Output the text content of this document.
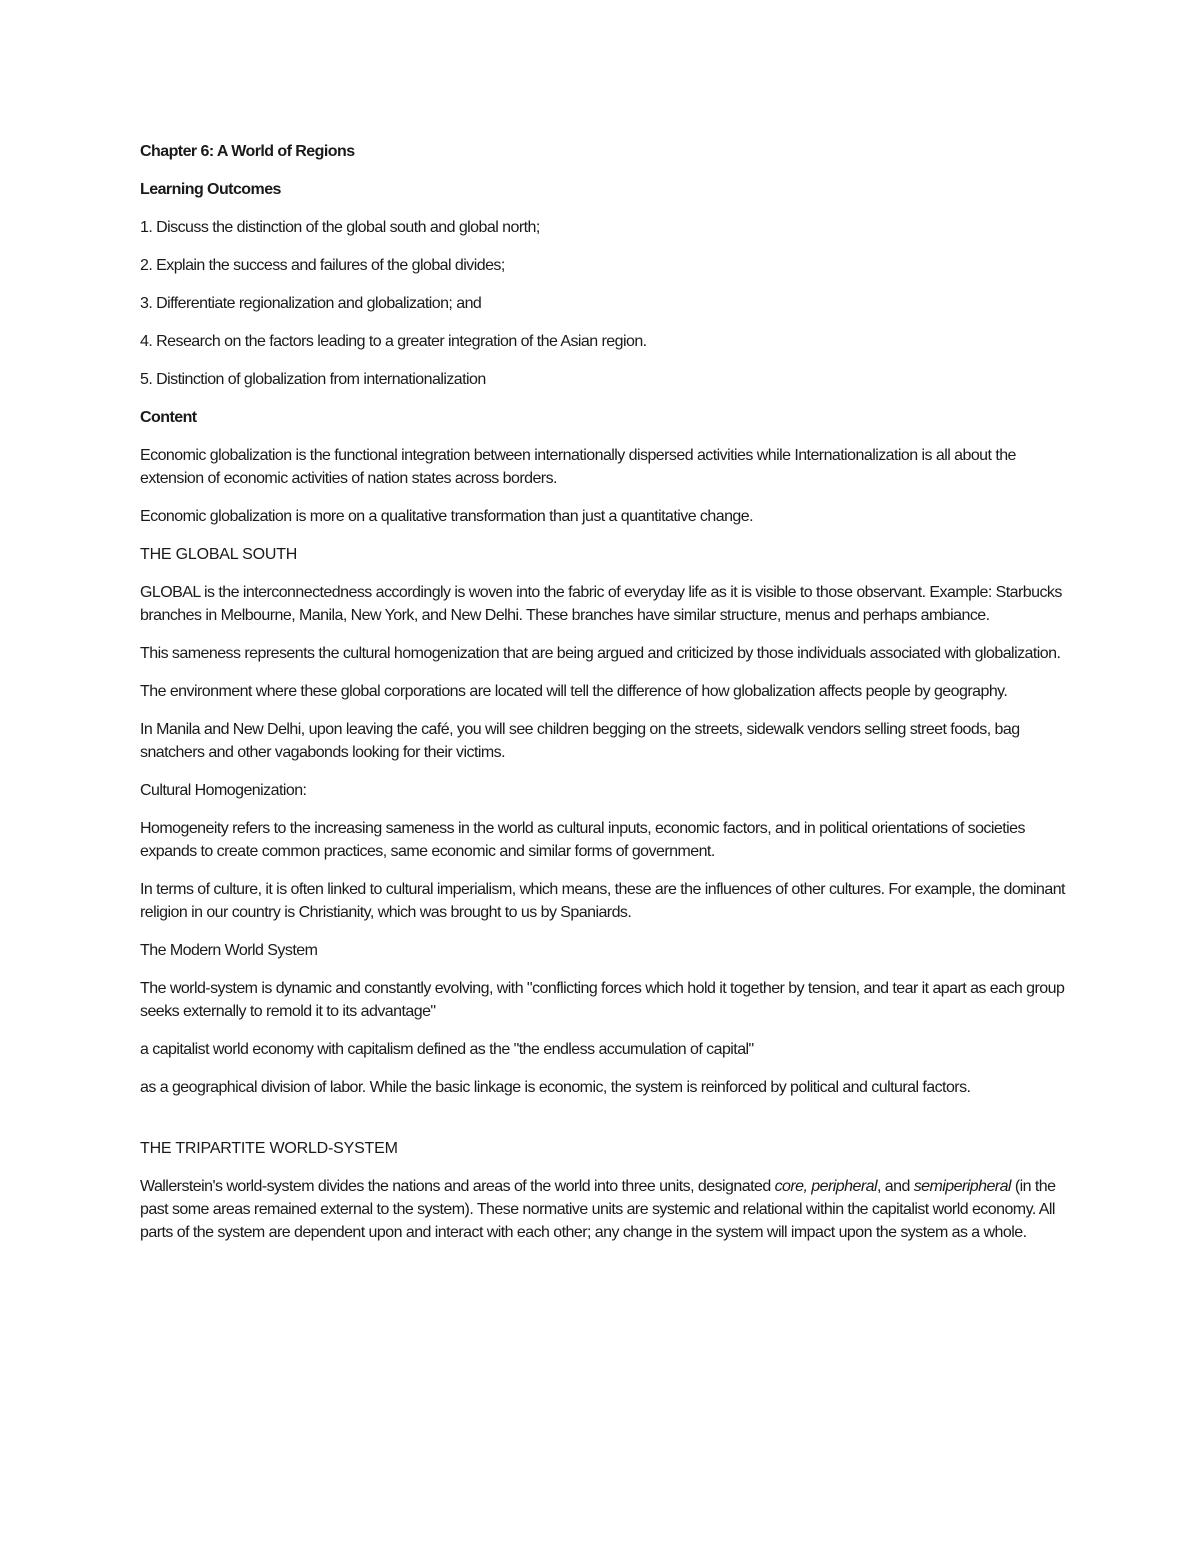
Chapter 6: A World of Regions

Learning Outcomes

1. Discuss the distinction of the global south and global north;

2. Explain the success and failures of the global divides;

3. Differentiate regionalization and globalization; and

4. Research on the factors leading to a greater integration of the Asian region.

5. Distinction of globalization from internationalization

Content

Economic globalization is the functional integration between internationally dispersed activities while Internationalization is all about the extension of economic activities of nation states across borders.

Economic globalization is more on a qualitative transformation than just a quantitative change.

THE GLOBAL SOUTH

GLOBAL is the interconnectedness accordingly is woven into the fabric of everyday life as it is visible to those observant. Example: Starbucks branches in Melbourne, Manila, New York, and New Delhi. These branches have similar structure, menus and perhaps ambiance.

This sameness represents the cultural homogenization that are being argued and criticized by those individuals associated with globalization.

The environment where these global corporations are located will tell the difference of how globalization affects people by geography.

In Manila and New Delhi, upon leaving the café, you will see children begging on the streets, sidewalk vendors selling street foods, bag snatchers and other vagabonds looking for their victims.

Cultural Homogenization:

Homogeneity refers to the increasing sameness in the world as cultural inputs, economic factors, and in political orientations of societies expands to create common practices, same economic and similar forms of government.

In terms of culture, it is often linked to cultural imperialism, which means, these are the influences of other cultures. For example, the dominant religion in our country is Christianity, which was brought to us by Spaniards.

The Modern World System

The world-system is dynamic and constantly evolving, with "conflicting forces which hold it together by tension, and tear it apart as each group seeks externally to remold it to its advantage"

a capitalist world economy with capitalism defined as the "the endless accumulation of capital"

as a geographical division of labor. While the basic linkage is economic, the system is reinforced by political and cultural factors.

THE TRIPARTITE WORLD-SYSTEM

Wallerstein's world-system divides the nations and areas of the world into three units, designated core, peripheral, and semiperipheral (in the past some areas remained external to the system). These normative units are systemic and relational within the capitalist world economy. All parts of the system are dependent upon and interact with each other; any change in the system will impact upon the system as a whole.
